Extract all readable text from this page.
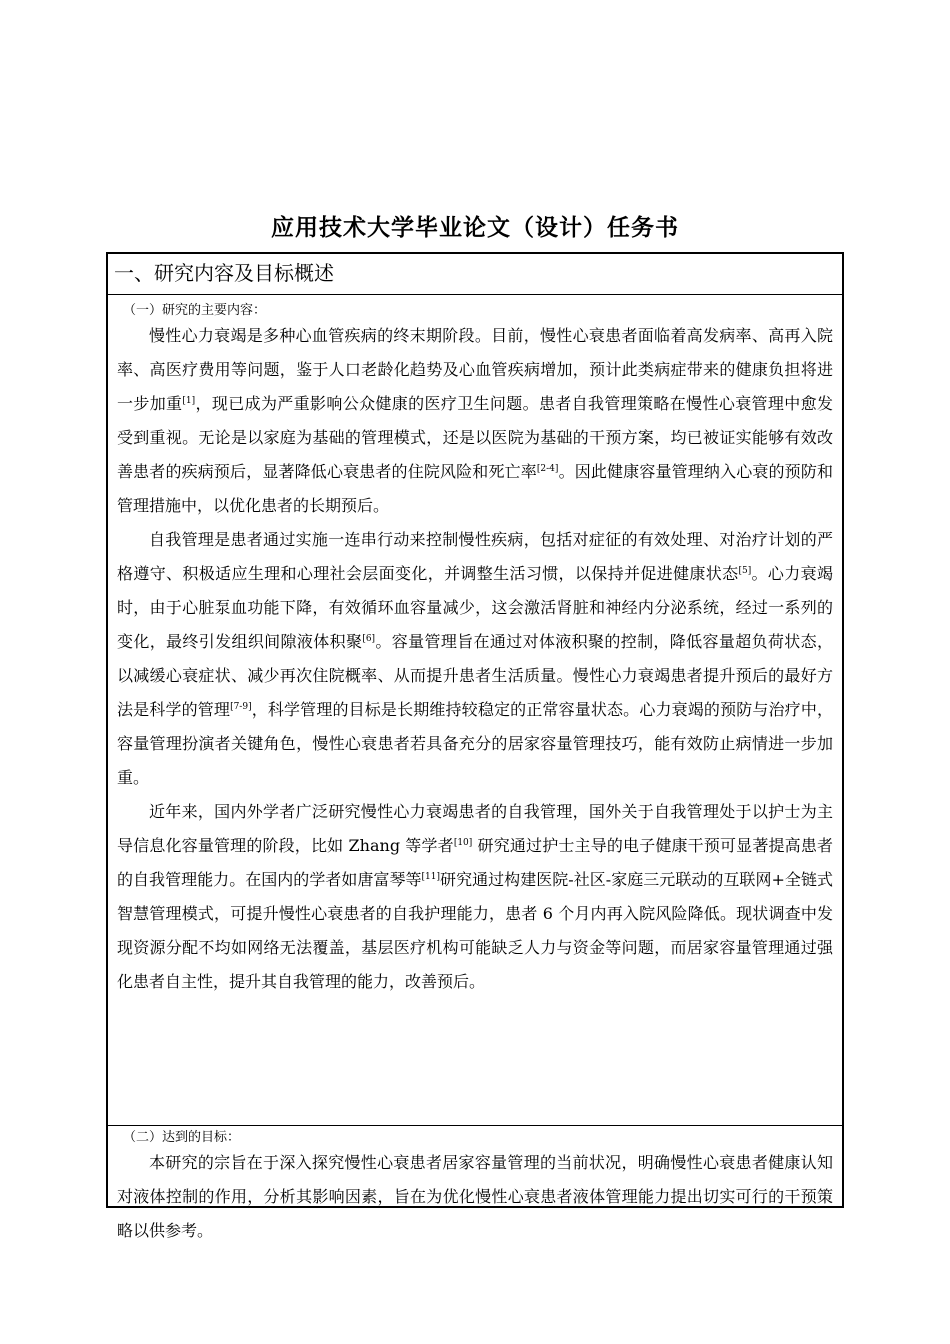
应用技术大学毕业论文（设计）任务书
一、研究内容及目标概述
（一）研究的主要内容：

慢性心力衰竭是多种心血管疾病的终末期阶段。目前，慢性心衰患者面临着高发病率、高再入院率、高医疗费用等问题，鉴于人口老龄化趋势及心血管疾病增加，预计此类病症带来的健康负担将进一步加重[1]，现已成为严重影响公众健康的医疗卫生问题。患者自我管理策略在慢性心衰管理中愈发受到重视。无论是以家庭为基础的管理模式，还是以医院为基础的干预方案，均已被证实能够有效改善患者的疾病预后，显著降低心衰患者的住院风险和死亡率[2-4]。因此健康容量管理纳入心衰的预防和管理措施中，以优化患者的长期预后。

自我管理是患者通过实施一连串行动来控制慢性疾病，包括对症征的有效处理、对治疗计划的严格遵守、积极适应生理和心理社会层面变化，并调整生活习惯，以保持并促进健康状态[5]。心力衰竭时，由于心脏泵血功能下降，有效循环血容量减少，这会激活肾脏和神经内分泌系统，经过一系列的变化，最终引发组织间隙液体积聚[6]。容量管理旨在通过对体液积聚的控制，降低容量超负荷状态，以减缓心衰症状、减少再次住院概率、从而提升患者生活质量。慢性心力衰竭患者提升预后的最好方法是科学的管理[7-9]，科学管理的目标是长期维持较稳定的正常容量状态。心力衰竭的预防与治疗中，容量管理扮演者关键角色，慢性心衰患者若具备充分的居家容量管理技巧，能有效防止病情进一步加重。

近年来，国内外学者广泛研究慢性心力衰竭患者的自我管理，国外关于自我管理处于以护士为主导信息化容量管理的阶段，比如 Zhang 等学者[10] 研究通过护士主导的电子健康干预可显著提高患者的自我管理能力。在国内的学者如唐富琴等[11]研究通过构建医院-社区-家庭三元联动的互联网+全链式智慧管理模式，可提升慢性心衰患者的自我护理能力，患者 6 个月内再入院风险降低。现状调查中发现资源分配不均如网络无法覆盖，基层医疗机构可能缺乏人力与资金等问题，而居家容量管理通过强化患者自主性，提升其自我管理的能力，改善预后。

（二）达到的目标：

本研究的宗旨在于深入探究慢性心衰患者居家容量管理的当前状况，明确慢性心衰患者健康认知对液体控制的作用，分析其影响因素，旨在为优化慢性心衰患者液体管理能力提出切实可行的干预策略以供参考。
